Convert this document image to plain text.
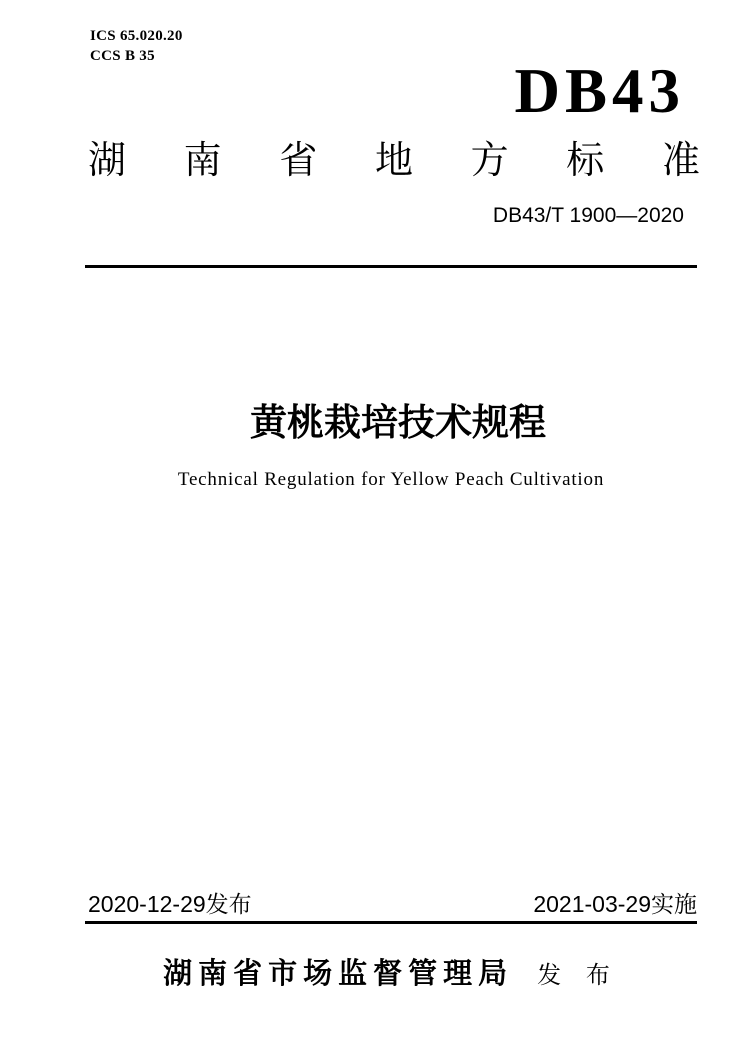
ICS 65.020.20
CCS B 35	DB43
湖 南 省 地 方 标 准
DB43/T 1900—2020
黄桃栽培技术规程
Technical Regulation for Yellow Peach Cultivation
2020-12-29发布	2021-03-29实施
湖南省市场监督管理局 发 布
